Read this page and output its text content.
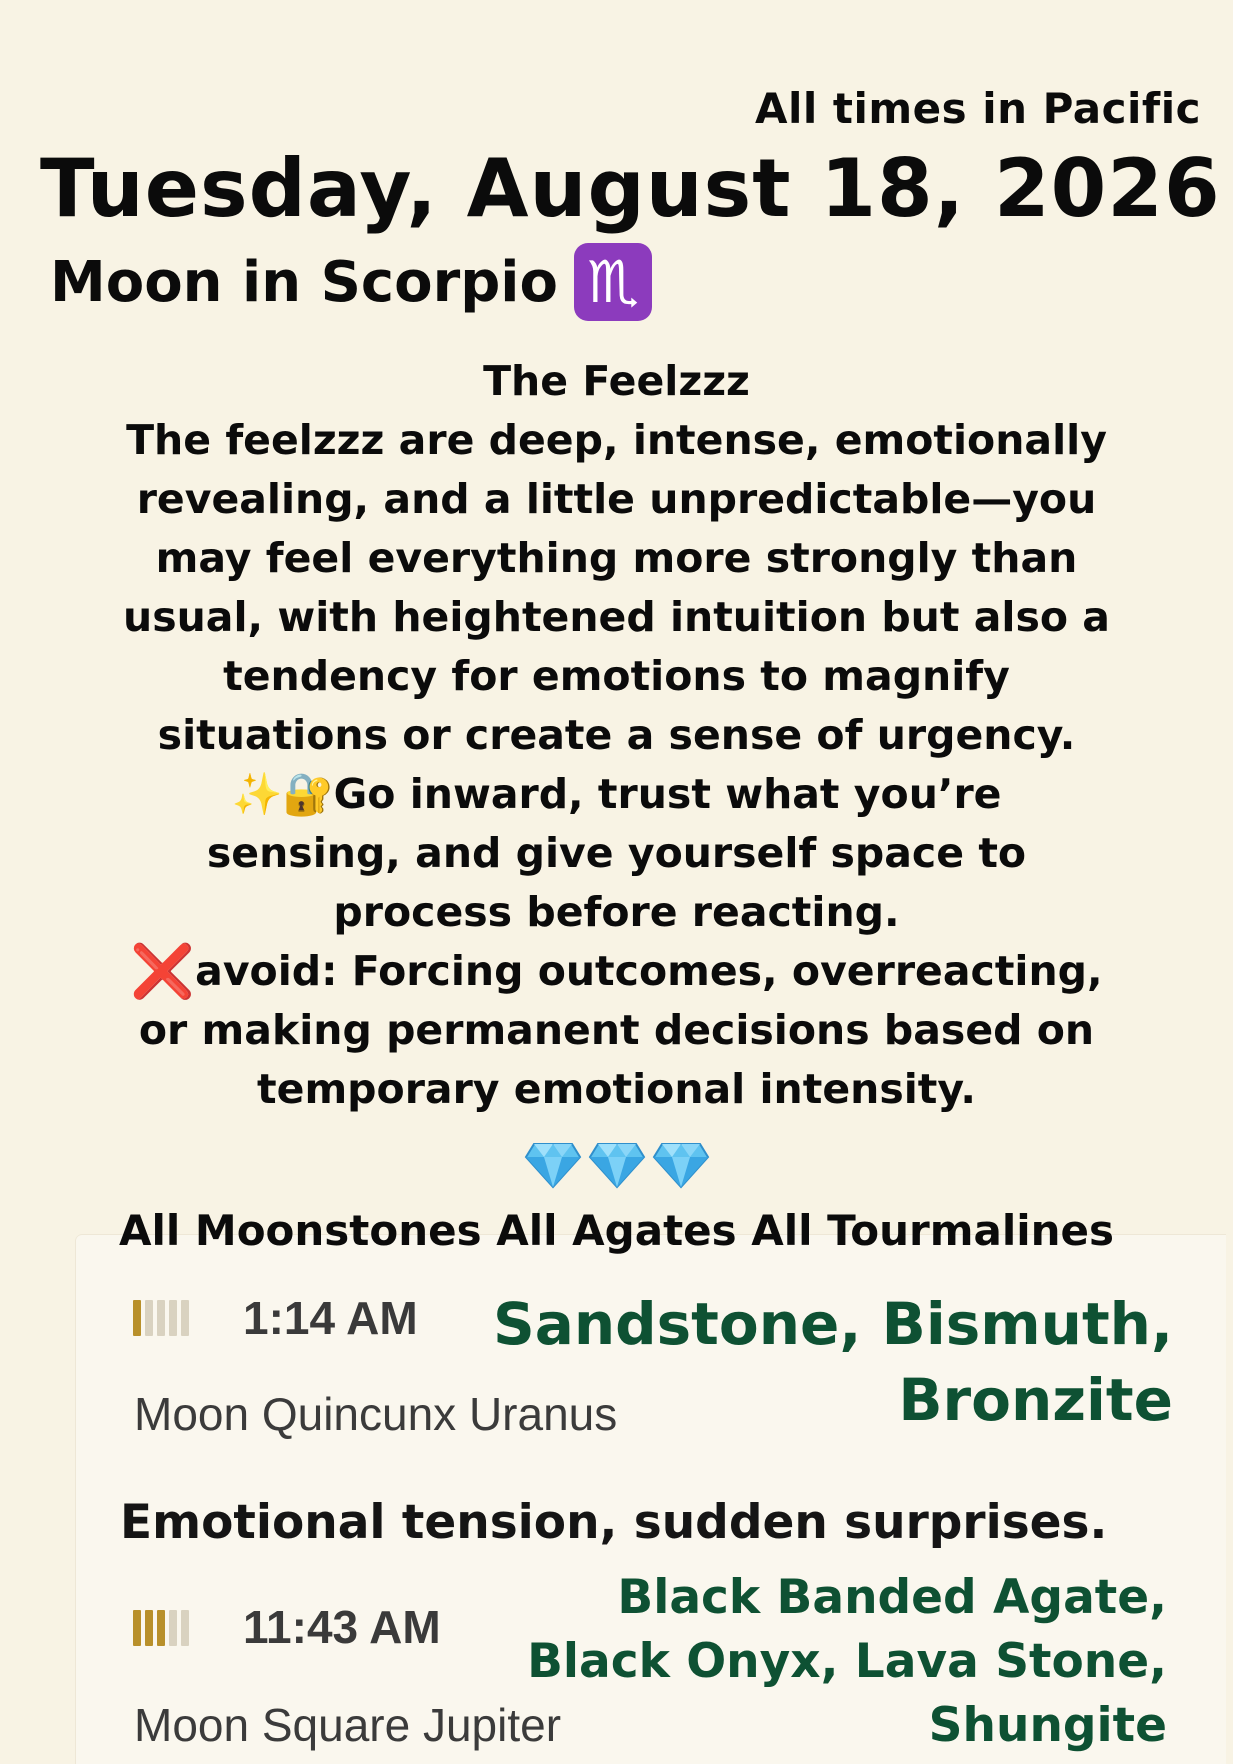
All times in Pacific
Tuesday, August 18, 2026
Moon in Scorpio ♏
The Feelzzz
The feelzzz are deep, intense, emotionally
revealing, and a little unpredictable—you
may feel everything more strongly than
usual, with heightened intuition but also a
tendency for emotions to magnify
situations or create a sense of urgency.
✨🔐Go inward, trust what you’re
sensing, and give yourself space to
process before reacting.
❌avoid: Forcing outcomes, overreacting,
or making permanent decisions based on
temporary emotional intensity.
All Moonstones All Agates All Tourmalines
1:14 AM
Moon Quincunx Uranus
Sandstone, Bismuth,
Bronzite
Emotional tension, sudden surprises.
11:43 AM
Moon Square Jupiter
Black Banded Agate,
Black Onyx, Lava Stone,
Shungite
